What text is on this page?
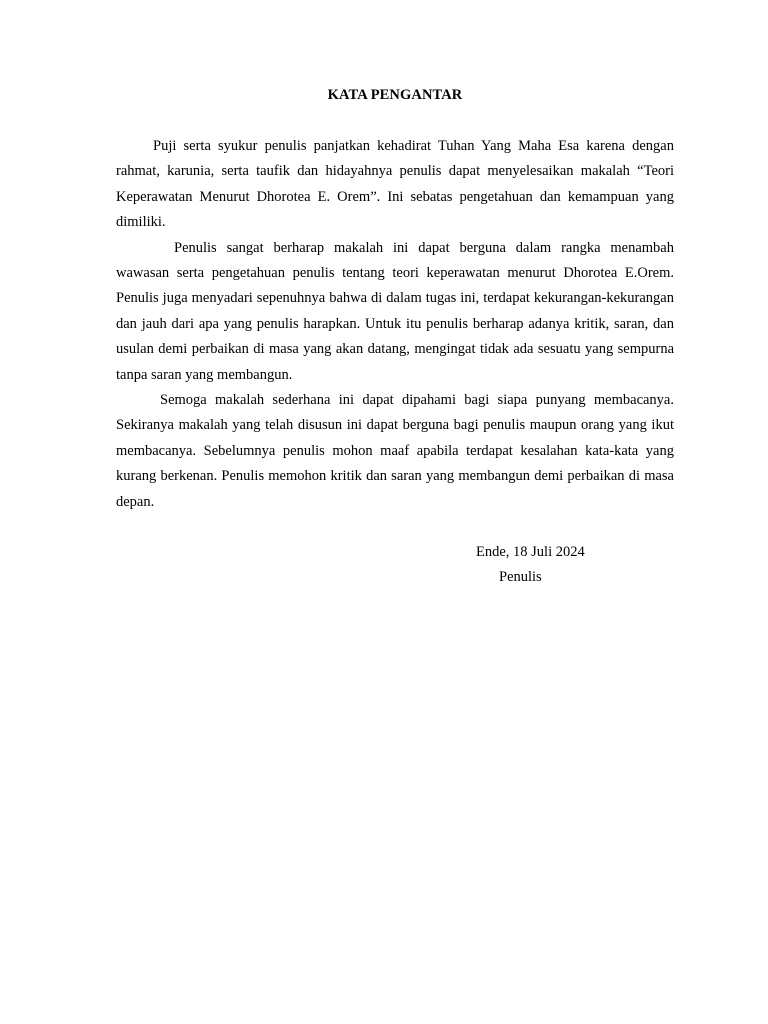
KATA PENGANTAR

Puji serta syukur penulis panjatkan kehadirat Tuhan Yang Maha Esa karena dengan rahmat, karunia, serta taufik dan hidayahnya penulis dapat menyelesaikan makalah “Teori Keperawatan Menurut Dhorotea E. Orem”. Ini sebatas pengetahuan dan kemampuan yang dimiliki.

Penulis sangat berharap makalah ini dapat berguna dalam rangka menambah wawasan serta pengetahuan penulis tentang teori keperawatan menurut Dhorotea E.Orem. Penulis juga menyadari sepenuhnya bahwa di dalam tugas ini, terdapat kekurangan-kekurangan dan jauh dari apa yang penulis harapkan. Untuk itu penulis berharap adanya kritik, saran, dan usulan demi perbaikan di masa yang akan datang, mengingat tidak ada sesuatu yang sempurna tanpa saran yang membangun.

Semoga makalah sederhana ini dapat dipahami bagi siapa punyang membacanya. Sekiranya makalah yang telah disusun ini dapat berguna bagi penulis maupun orang yang ikut membacanya. Sebelumnya penulis mohon maaf apabila terdapat kesalahan kata-kata yang kurang berkenan. Penulis memohon kritik dan saran yang membangun demi perbaikan di masa depan.

Ende, 18 Juli 2024
Penulis
